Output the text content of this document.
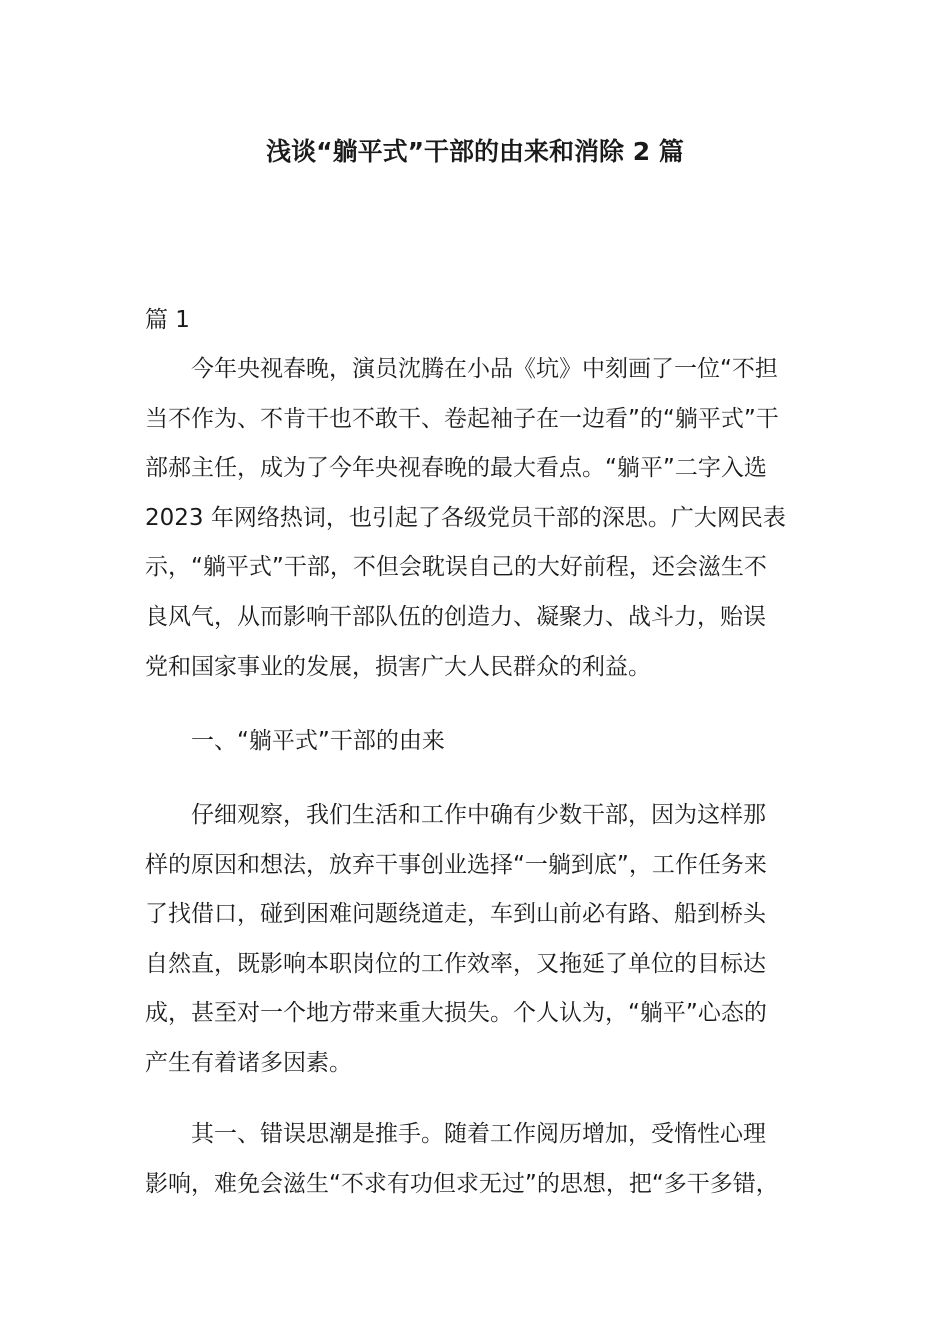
浅谈“躺平式”干部的由来和消除 2 篇

篇 1

今年央视春晚，演员沈腾在小品《坑》中刻画了一位“不担
当不作为、不肯干也不敢干、卷起袖子在一边看”的“躺平式”干
部郝主任，成为了今年央视春晚的最大看点。“躺平”二字入选
2023 年网络热词，也引起了各级党员干部的深思。广大网民表
示，“躺平式”干部，不但会耽误自己的大好前程，还会滋生不
良风气，从而影响干部队伍的创造力、凝聚力、战斗力，贻误
党和国家事业的发展，损害广大人民群众的利益。

一、“躺平式”干部的由来

仔细观察，我们生活和工作中确有少数干部，因为这样那
样的原因和想法，放弃干事创业选择“一躺到底”，工作任务来
了找借口，碰到困难问题绕道走，车到山前必有路、船到桥头
自然直，既影响本职岗位的工作效率，又拖延了单位的目标达
成，甚至对一个地方带来重大损失。个人认为，“躺平”心态的
产生有着诸多因素。

其一、错误思潮是推手。随着工作阅历增加，受惰性心理
影响，难免会滋生“不求有功但求无过”的思想，把“多干多错，
